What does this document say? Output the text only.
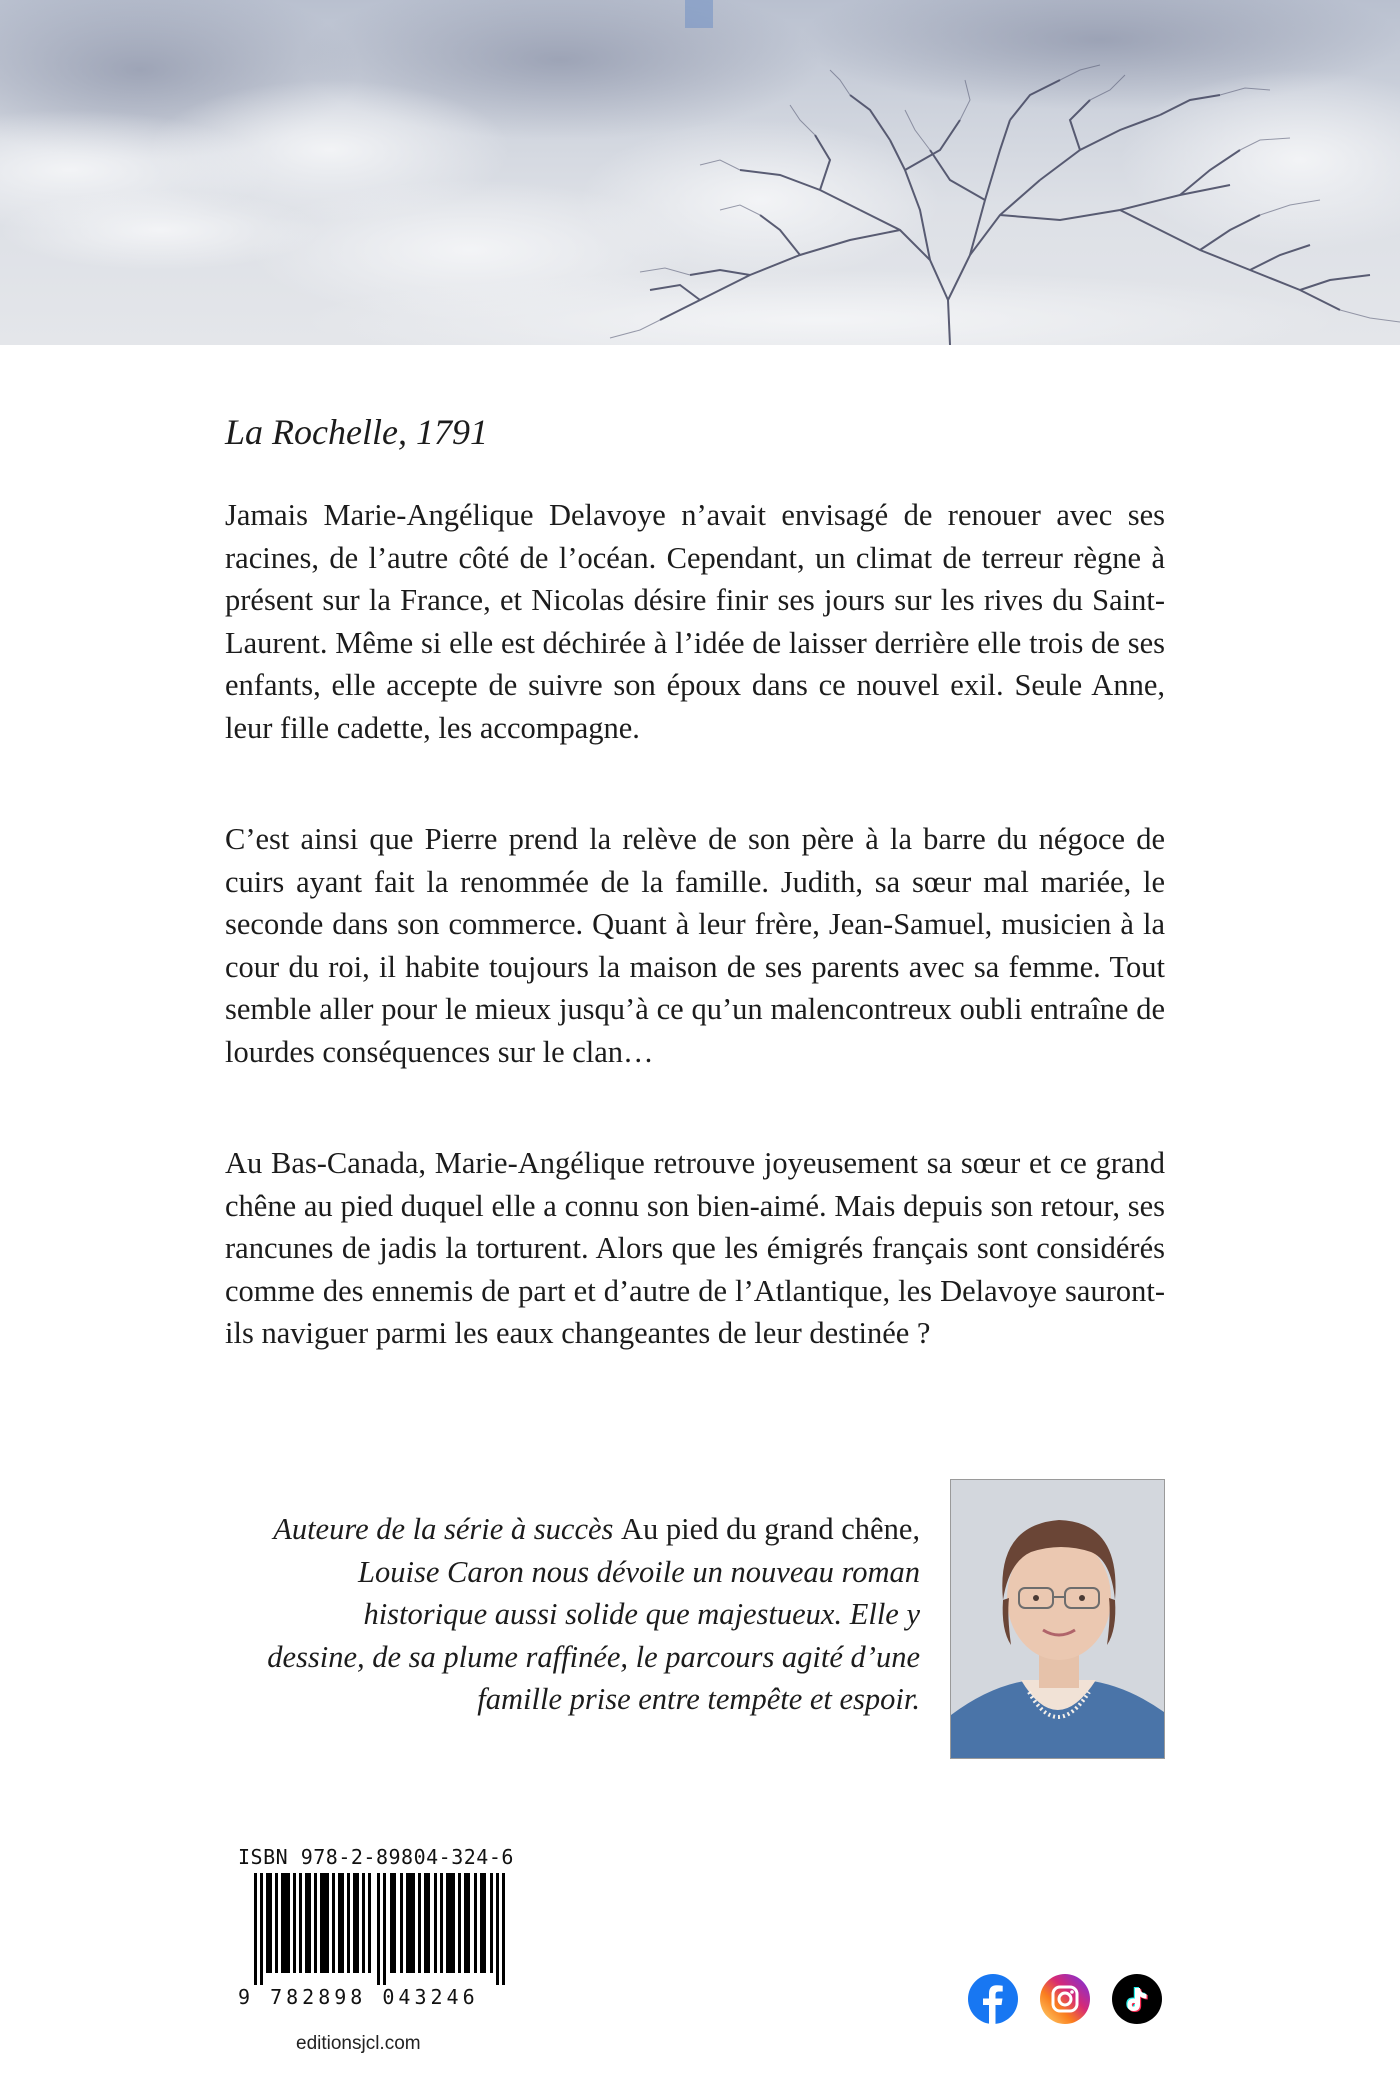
La Rochelle, 1791

Jamais Marie-Angélique Delavoye n’avait envisagé de renouer avec ses racines, de l’autre côté de l’océan. Cependant, un climat de terreur règne à présent sur la France, et Nicolas désire finir ses jours sur les rives du Saint-Laurent. Même si elle est déchirée à l’idée de laisser derrière elle trois de ses enfants, elle accepte de suivre son époux dans ce nouvel exil. Seule Anne, leur fille cadette, les accompagne.

C’est ainsi que Pierre prend la relève de son père à la barre du négoce de cuirs ayant fait la renommée de la famille. Judith, sa sœur mal mariée, le seconde dans son commerce. Quant à leur frère, Jean-Samuel, musicien à la cour du roi, il habite toujours la maison de ses parents avec sa femme. Tout semble aller pour le mieux jusqu’à ce qu’un malencontreux oubli entraîne de lourdes conséquences sur le clan…

Au Bas-Canada, Marie-Angélique retrouve joyeusement sa sœur et ce grand chêne au pied duquel elle a connu son bien-aimé. Mais depuis son retour, ses rancunes de jadis la torturent. Alors que les émigrés français sont considérés comme des ennemis de part et d’autre de l’Atlantique, les Delavoye sauront-ils naviguer parmi les eaux changeantes de leur destinée ?

Auteure de la série à succès Au pied du grand chêne, Louise Caron nous dévoile un nouveau roman historique aussi solide que majestueux. Elle y dessine, de sa plume raffinée, le parcours agité d’une famille prise entre tempête et espoir.

ISBN 978-2-89804-324-6
9 782898 043246
editionsjcl.com
